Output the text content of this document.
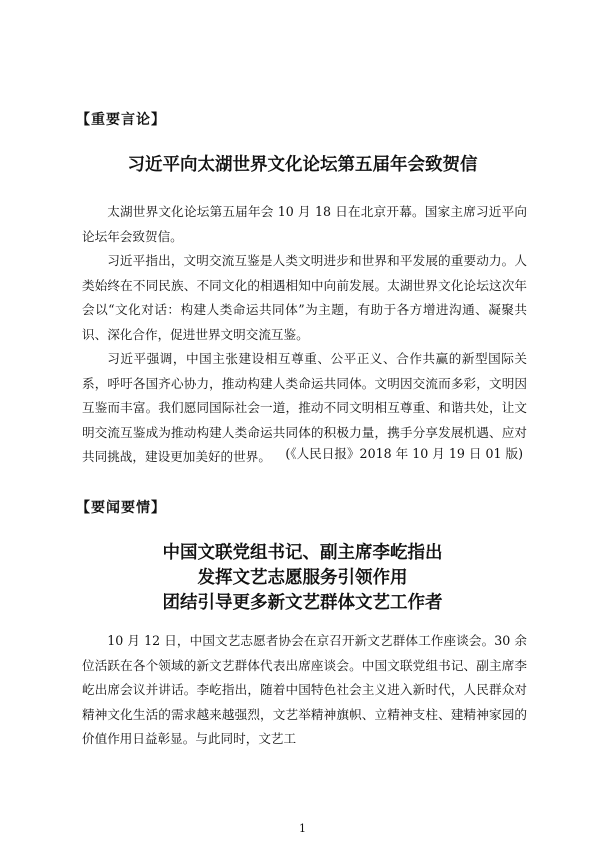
【重要言论】
习近平向太湖世界文化论坛第五届年会致贺信

太湖世界文化论坛第五届年会 10 月 18 日在北京开幕。国家主席习近平向论坛年会致贺信。

习近平指出，文明交流互鉴是人类文明进步和世界和平发展的重要动力。人类始终在不同民族、不同文化的相遇相知中向前发展。太湖世界文化论坛这次年会以“文化对话：构建人类命运共同体”为主题，有助于各方增进沟通、凝聚共识、深化合作，促进世界文明交流互鉴。

习近平强调，中国主张建设相互尊重、公平正义、合作共赢的新型国际关系，呼吁各国齐心协力，推动构建人类命运共同体。文明因交流而多彩，文明因互鉴而丰富。我们愿同国际社会一道，推动不同文明相互尊重、和谐共处，让文明交流互鉴成为推动构建人类命运共同体的积极力量，携手分享发展机遇、应对共同挑战，建设更加美好的世界。	(《人民日报》2018 年 10 月 19 日 01 版)
【要闻要情】
中国文联党组书记、副主席李屹指出
发挥文艺志愿服务引领作用
团结引导更多新文艺群体文艺工作者

10 月 12 日，中国文艺志愿者协会在京召开新文艺群体工作座谈会。30 余位活跃在各个领域的新文艺群体代表出席座谈会。中国文联党组书记、副主席李屹出席会议并讲话。李屹指出，随着中国特色社会主义进入新时代，人民群众对精神文化生活的需求越来越强烈，文艺举精神旗帜、立精神支柱、建精神家园的价值作用日益彰显。与此同时，文艺工

1
